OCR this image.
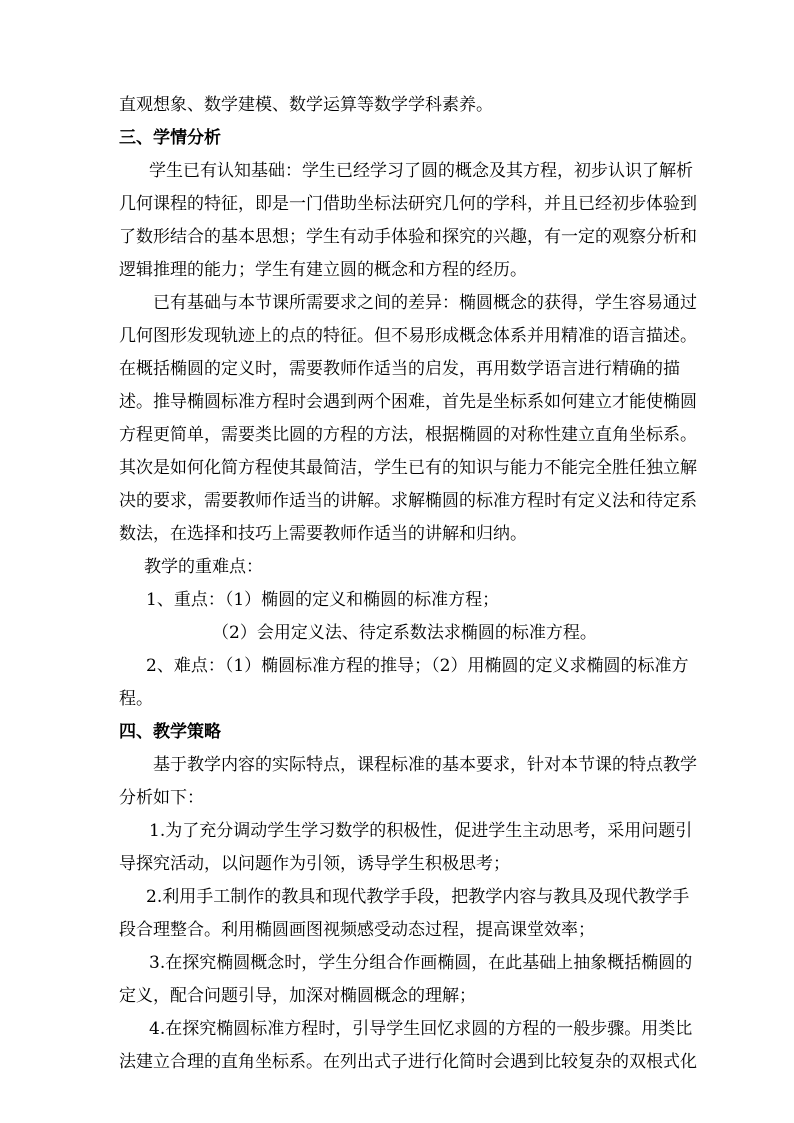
直观想象、数学建模、数学运算等数学学科素养。
三、学情分析
学生已有认知基础：学生已经学习了圆的概念及其方程，初步认识了解析
几何课程的特征，即是一门借助坐标法研究几何的学科，并且已经初步体验到
了数形结合的基本思想；学生有动手体验和探究的兴趣，有一定的观察分析和
逻辑推理的能力；学生有建立圆的概念和方程的经历。
已有基础与本节课所需要求之间的差异：椭圆概念的获得，学生容易通过
几何图形发现轨迹上的点的特征。但不易形成概念体系并用精准的语言描述。
在概括椭圆的定义时，需要教师作适当的启发，再用数学语言进行精确的描
述。推导椭圆标准方程时会遇到两个困难，首先是坐标系如何建立才能使椭圆
方程更简单，需要类比圆的方程的方法，根据椭圆的对称性建立直角坐标系。
其次是如何化简方程使其最简洁，学生已有的知识与能力不能完全胜任独立解
决的要求，需要教师作适当的讲解。求解椭圆的标准方程时有定义法和待定系
数法，在选择和技巧上需要教师作适当的讲解和归纳。
教学的重难点：
1、重点：（1）椭圆的定义和椭圆的标准方程；
（2）会用定义法、待定系数法求椭圆的标准方程。
2、难点：（1）椭圆标准方程的推导；（2）用椭圆的定义求椭圆的标准方
程。
四、教学策略
基于教学内容的实际特点，课程标准的基本要求，针对本节课的特点教学
分析如下：
1.为了充分调动学生学习数学的积极性，促进学生主动思考，采用问题引
导探究活动，以问题作为引领，诱导学生积极思考；
2.利用手工制作的教具和现代教学手段，把教学内容与教具及现代教学手
段合理整合。利用椭圆画图视频感受动态过程，提高课堂效率；
3.在探究椭圆概念时，学生分组合作画椭圆，在此基础上抽象概括椭圆的
定义，配合问题引导，加深对椭圆概念的理解；
4.在探究椭圆标准方程时，引导学生回忆求圆的方程的一般步骤。用类比
法建立合理的直角坐标系。在列出式子进行化简时会遇到比较复杂的双根式化
